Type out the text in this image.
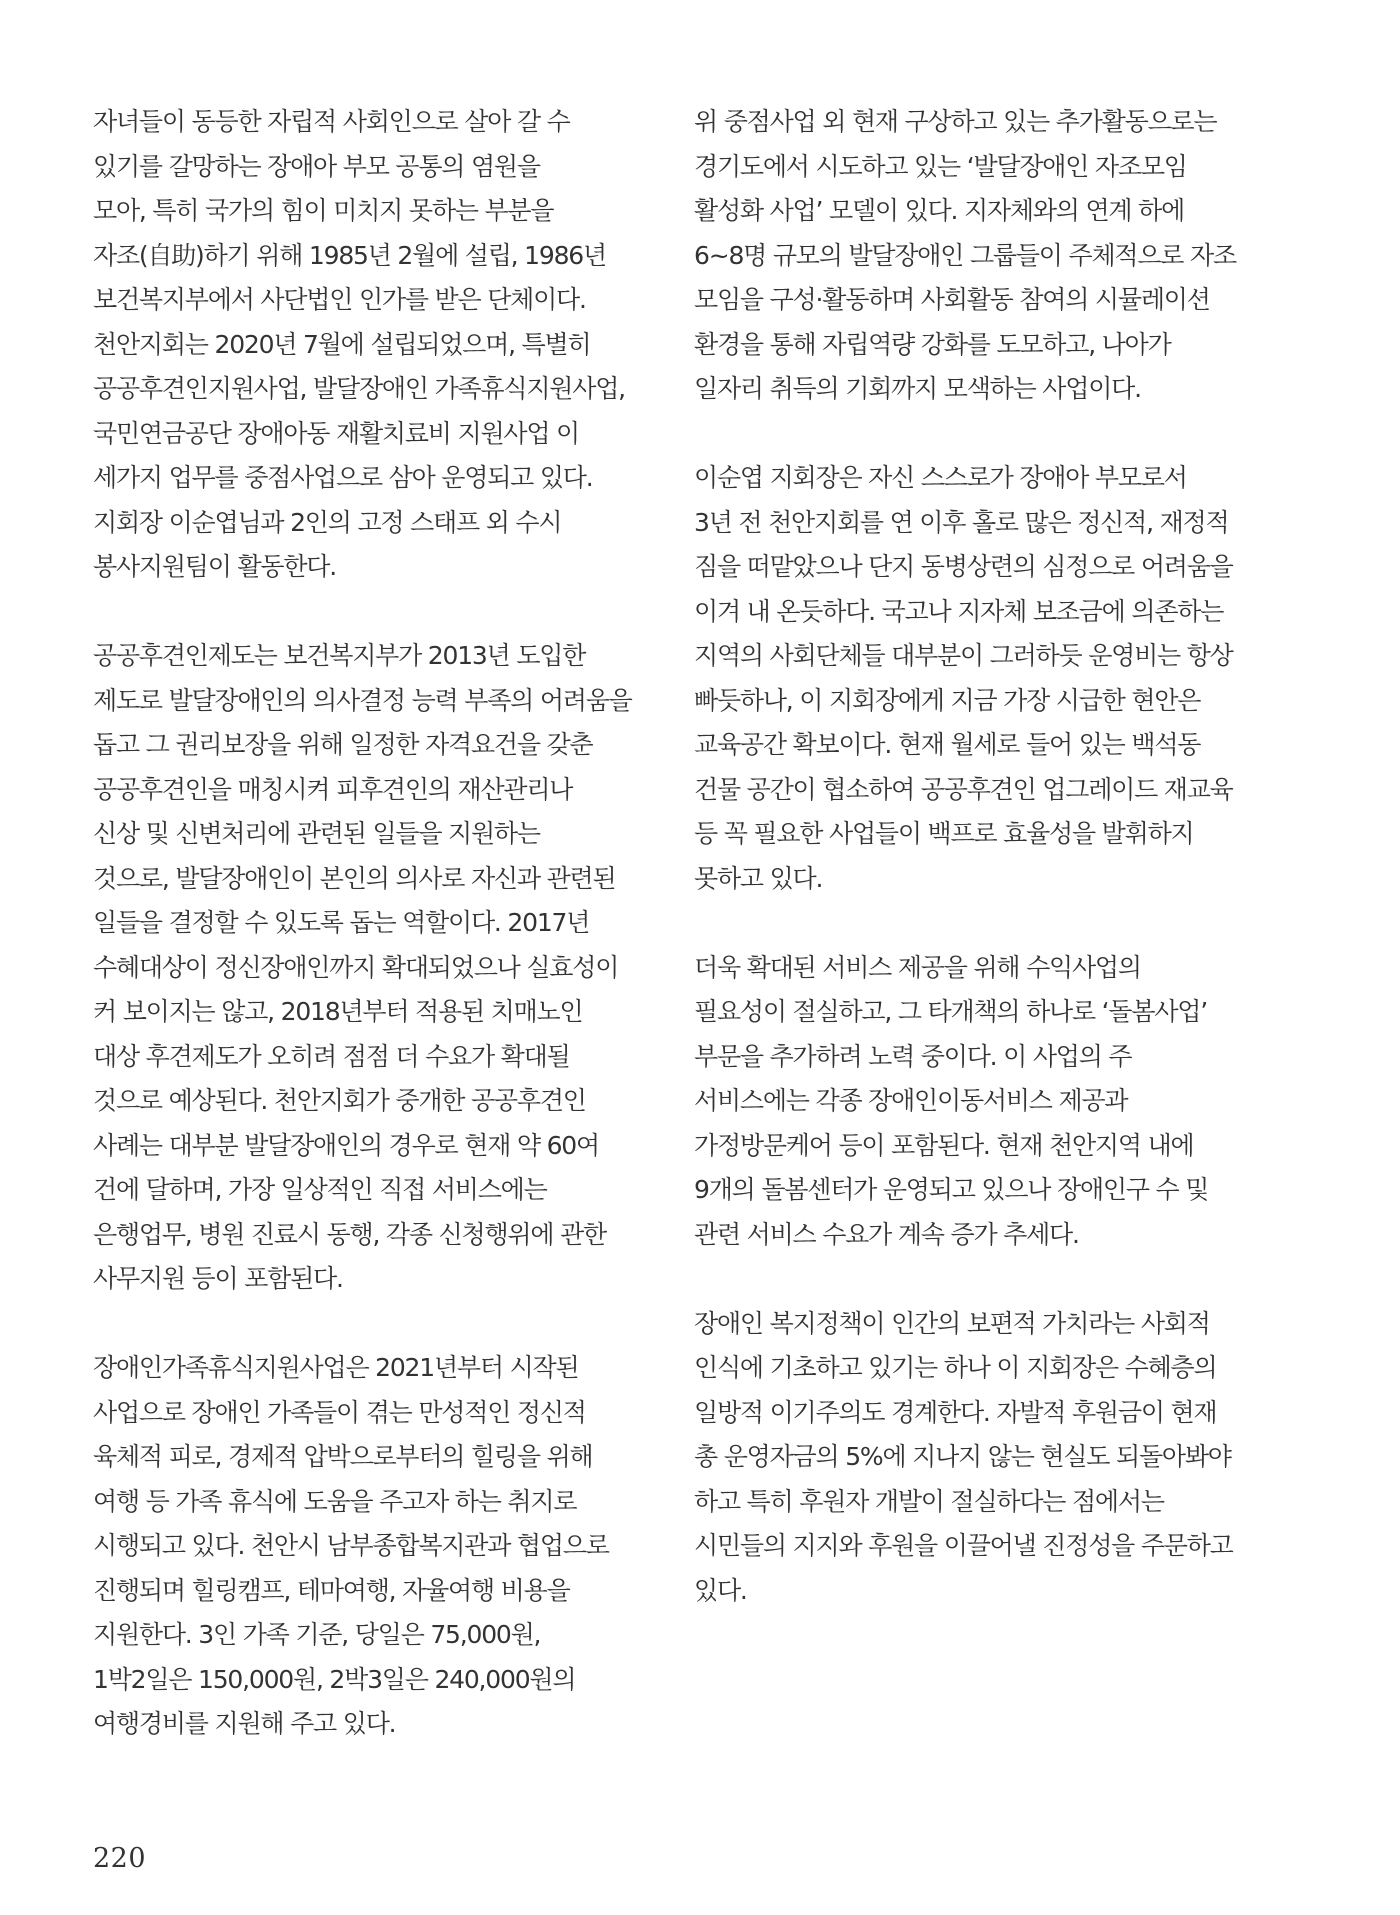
자녀들이 동등한 자립적 사회인으로 살아 갈 수
있기를 갈망하는 장애아 부모 공통의 염원을
모아, 특히 국가의 힘이 미치지 못하는 부분을
자조(自助)하기 위해 1985년 2월에 설립, 1986년
보건복지부에서 사단법인 인가를 받은 단체이다.
천안지회는 2020년 7월에 설립되었으며, 특별히
공공후견인지원사업, 발달장애인 가족휴식지원사업,
국민연금공단 장애아동 재활치료비 지원사업 이
세가지 업무를 중점사업으로 삼아 운영되고 있다.
지회장 이순엽님과 2인의 고정 스태프 외 수시
봉사지원팀이 활동한다.
공공후견인제도는 보건복지부가 2013년 도입한
제도로 발달장애인의 의사결정 능력 부족의 어려움을
돕고 그 권리보장을 위해 일정한 자격요건을 갖춘
공공후견인을 매칭시켜 피후견인의 재산관리나
신상 및 신변처리에 관련된 일들을 지원하는
것으로, 발달장애인이 본인의 의사로 자신과 관련된
일들을 결정할 수 있도록 돕는 역할이다. 2017년
수혜대상이 정신장애인까지 확대되었으나 실효성이
커 보이지는 않고, 2018년부터 적용된 치매노인
대상 후견제도가 오히려 점점 더 수요가 확대될
것으로 예상된다. 천안지회가 중개한 공공후견인
사례는 대부분 발달장애인의 경우로 현재 약 60여
건에 달하며, 가장 일상적인 직접 서비스에는
은행업무, 병원 진료시 동행, 각종 신청행위에 관한
사무지원 등이 포함된다.
장애인가족휴식지원사업은 2021년부터 시작된
사업으로 장애인 가족들이 겪는 만성적인 정신적
육체적 피로, 경제적 압박으로부터의 힐링을 위해
여행 등 가족 휴식에 도움을 주고자 하는 취지로
시행되고 있다. 천안시 남부종합복지관과 협업으로
진행되며 힐링캠프, 테마여행, 자율여행 비용을
지원한다. 3인 가족 기준, 당일은 75,000원,
1박2일은 150,000원, 2박3일은 240,000원의
여행경비를 지원해 주고 있다.
위 중점사업 외 현재 구상하고 있는 추가활동으로는
경기도에서 시도하고 있는 ‘발달장애인 자조모임
활성화 사업’ 모델이 있다. 지자체와의 연계 하에
6~8명 규모의 발달장애인 그룹들이 주체적으로 자조
모임을 구성·활동하며 사회활동 참여의 시뮬레이션
환경을 통해 자립역량 강화를 도모하고, 나아가
일자리 취득의 기회까지 모색하는 사업이다.
이순엽 지회장은 자신 스스로가 장애아 부모로서
3년 전 천안지회를 연 이후 홀로 많은 정신적, 재정적
짐을 떠맡았으나 단지 동병상련의 심정으로 어려움을
이겨 내 온듯하다. 국고나 지자체 보조금에 의존하는
지역의 사회단체들 대부분이 그러하듯 운영비는 항상
빠듯하나, 이 지회장에게 지금 가장 시급한 현안은
교육공간 확보이다. 현재 월세로 들어 있는 백석동
건물 공간이 협소하여 공공후견인 업그레이드 재교육
등 꼭 필요한 사업들이 백프로 효율성을 발휘하지
못하고 있다.
더욱 확대된 서비스 제공을 위해 수익사업의
필요성이 절실하고, 그 타개책의 하나로 ‘돌봄사업’
부문을 추가하려 노력 중이다. 이 사업의 주
서비스에는 각종 장애인이동서비스 제공과
가정방문케어 등이 포함된다. 현재 천안지역 내에
9개의 돌봄센터가 운영되고 있으나 장애인구 수 및
관련 서비스 수요가 계속 증가 추세다.
장애인 복지정책이 인간의 보편적 가치라는 사회적
인식에 기초하고 있기는 하나 이 지회장은 수혜층의
일방적 이기주의도 경계한다. 자발적 후원금이 현재
총 운영자금의 5%에 지나지 않는 현실도 되돌아봐야
하고 특히 후원자 개발이 절실하다는 점에서는
시민들의 지지와 후원을 이끌어낼 진정성을 주문하고
있다.
220
